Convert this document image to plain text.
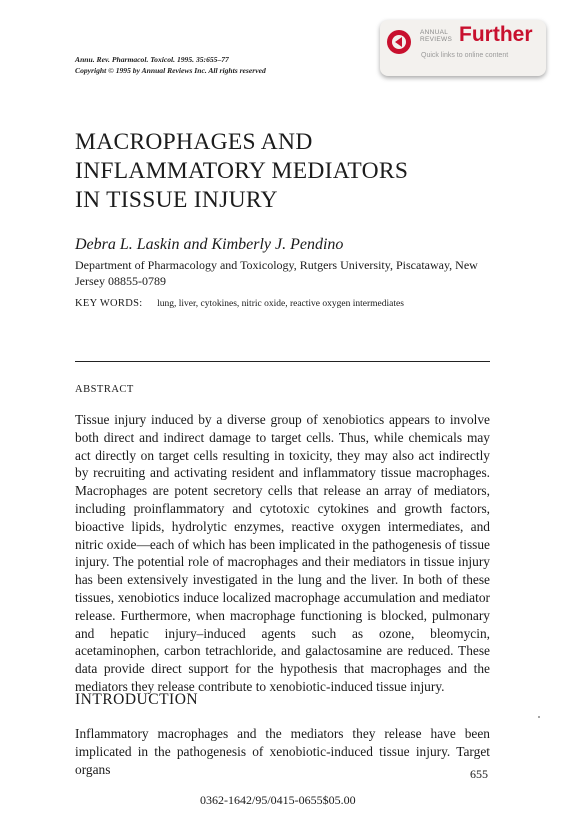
Annu. Rev. Pharmacol. Toxicol. 1995. 35:655–77
Copyright © 1995 by Annual Reviews Inc. All rights reserved
ANNUAL
REVIEWS Further
Quick links to online content
MACROPHAGES AND
INFLAMMATORY MEDIATORS
IN TISSUE INJURY
Debra L. Laskin and Kimberly J. Pendino
Department of Pharmacology and Toxicology, Rutgers University, Piscataway, New Jersey 08855-0789
KEY WORDS: lung, liver, cytokines, nitric oxide, reactive oxygen intermediates
ABSTRACT
Tissue injury induced by a diverse group of xenobiotics appears to involve both direct and indirect damage to target cells. Thus, while chemicals may act directly on target cells resulting in toxicity, they may also act indirectly by recruiting and activating resident and inflammatory tissue macrophages. Macrophages are potent secretory cells that release an array of mediators, including proinflammatory and cytotoxic cytokines and growth factors, bioactive lipids, hydrolytic enzymes, reactive oxygen intermediates, and nitric oxide—each of which has been implicated in the pathogenesis of tissue injury. The potential role of macrophages and their mediators in tissue injury has been extensively investigated in the lung and the liver. In both of these tissues, xenobiotics induce localized macrophage accumulation and mediator release. Furthermore, when macrophage functioning is blocked, pulmonary and hepatic injury–induced agents such as ozone, bleomycin, acetaminophen, carbon tetrachloride, and galactosamine are reduced. These data provide direct support for the hypothesis that macrophages and the mediators they release contribute to xenobiotic-induced tissue injury.
INTRODUCTION
Inflammatory macrophages and the mediators they release have been implicated in the pathogenesis of xenobiotic-induced tissue injury. Target organs	655
0362-1642/95/0415-0655$05.00
